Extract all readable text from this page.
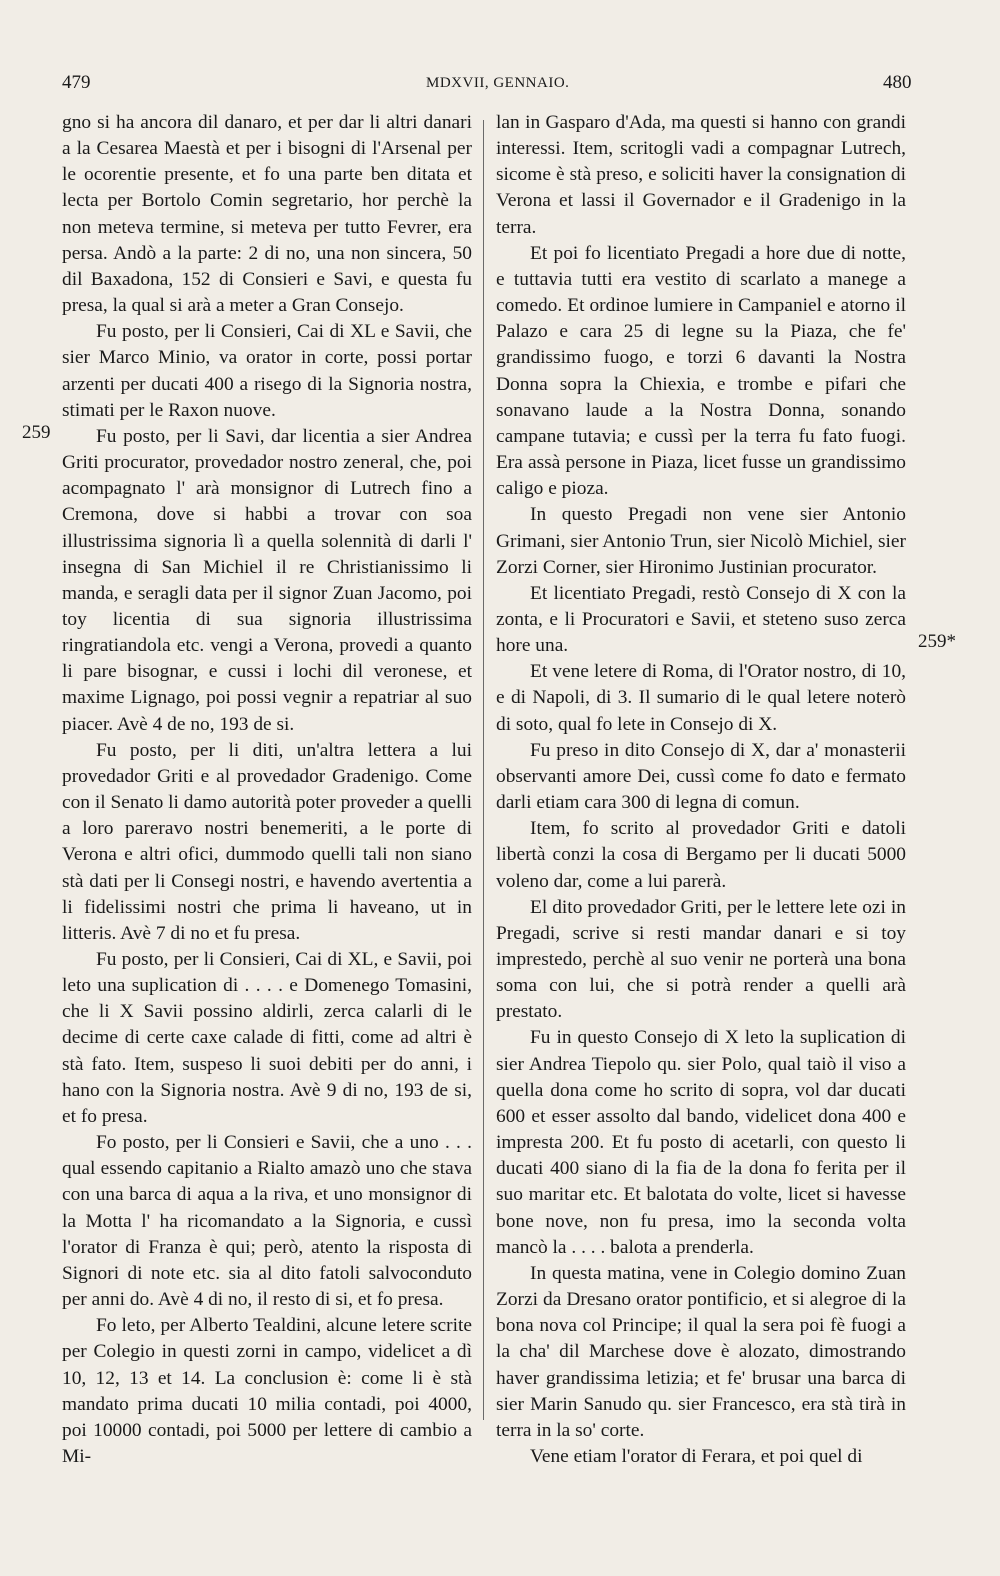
479	MDXVII, GENNAIO.	480
259
259*

gno si ha ancora dil danaro, et per dar li altri danari a la Cesarea Maestà et per i bisogni di l'Arsenal per le ocorentie presente, et fo una parte ben ditata et lecta per Bortolo Comin segretario, hor perchè la non meteva termine, si meteva per tutto Fevrer, era persa. Andò a la parte: 2 di no, una non sincera, 50 dil Baxadona, 152 di Consieri e Savi, e questa fu presa, la qual si arà a meter a Gran Consejo.

Fu posto, per li Consieri, Cai di XL e Savii, che sier Marco Minio, va orator in corte, possi portar arzenti per ducati 400 a risego di la Signoria nostra, stimati per le Raxon nuove.

Fu posto, per li Savi, dar licentia a sier Andrea Griti procurator, provedador nostro zeneral, che, poi acompagnato l' arà monsignor di Lutrech fino a Cremona, dove si habbi a trovar con soa illustrissima signoria lì a quella solennità di darli l' insegna di San Michiel il re Christianissimo li manda, e seragli data per il signor Zuan Jacomo, poi toy licentia di sua signoria illustrissima ringratiandola etc. vengi a Verona, provedi a quanto li pare bisognar, e cussi i lochi dil veronese, et maxime Lignago, poi possi vegnir a repatriar al suo piacer. Avè 4 de no, 193 de si.

Fu posto, per li diti, un'altra lettera a lui provedador Griti e al provedador Gradenigo. Come con il Senato li damo autorità poter proveder a quelli a loro pareravo nostri benemeriti, a le porte di Verona e altri ofici, dummodo quelli tali non siano stà dati per li Consegi nostri, e havendo avertentia a li fidelissimi nostri che prima li haveano, ut in litteris. Avè 7 di no et fu presa.

Fu posto, per li Consieri, Cai di XL, e Savii, poi leto una suplication di . . . . e Domenego Tomasini, che li X Savii possino aldirli, zerca calarli di le decime di certe caxe calade di fitti, come ad altri è stà fato. Item, suspeso li suoi debiti per do anni, i hano con la Signoria nostra. Avè 9 di no, 193 de si, et fo presa.

Fo posto, per li Consieri e Savii, che a uno . . . qual essendo capitanio a Rialto amazò uno che stava con una barca di aqua a la riva, et uno monsignor di la Motta l' ha ricomandato a la Signoria, e cussì l'orator di Franza è qui; però, atento la risposta di Signori di note etc. sia al dito fatoli salvoconduto per anni do. Avè 4 di no, il resto di si, et fo presa.

Fo leto, per Alberto Tealdini, alcune letere scrite per Colegio in questi zorni in campo, videlicet a dì 10, 12, 13 et 14. La conclusion è: come li è stà mandato prima ducati 10 milia contadi, poi 4000, poi 10000 contadi, poi 5000 per lettere di cambio a Mi-

lan in Gasparo d'Ada, ma questi si hanno con grandi interessi. Item, scritogli vadi a compagnar Lutrech, sicome è stà preso, e soliciti haver la consignation di Verona et lassi il Governador e il Gradenigo in la terra.

Et poi fo licentiato Pregadi a hore due di notte, e tuttavia tutti era vestito di scarlato a manege a comedo. Et ordinoe lumiere in Campaniel e atorno il Palazo e cara 25 di legne su la Piaza, che fe' grandissimo fuogo, e torzi 6 davanti la Nostra Donna sopra la Chiexia, e trombe e pifari che sonavano laude a la Nostra Donna, sonando campane tutavia; e cussì per la terra fu fato fuogi. Era assà persone in Piaza, licet fusse un grandissimo caligo e pioza.

In questo Pregadi non vene sier Antonio Grimani, sier Antonio Trun, sier Nicolò Michiel, sier Zorzi Corner, sier Hironimo Justinian procurator.

Et licentiato Pregadi, restò Consejo di X con la zonta, e li Procuratori e Savii, et steteno suso zerca hore una.

Et vene letere di Roma, di l'Orator nostro, di 10, e di Napoli, di 3. Il sumario di le qual letere noterò di soto, qual fo lete in Consejo di X.

Fu preso in dito Consejo di X, dar a' monasterii observanti amore Dei, cussì come fo dato e fermato darli etiam cara 300 di legna di comun.

Item, fo scrito al provedador Griti e datoli libertà conzi la cosa di Bergamo per li ducati 5000 voleno dar, come a lui parerà.

El dito provedador Griti, per le lettere lete ozi in Pregadi, scrive si resti mandar danari e si toy imprestedo, perchè al suo venir ne porterà una bona soma con lui, che si potrà render a quelli arà prestato.

Fu in questo Consejo di X leto la suplication di sier Andrea Tiepolo qu. sier Polo, qual taiò il viso a quella dona come ho scrito di sopra, vol dar ducati 600 et esser assolto dal bando, videlicet dona 400 e impresta 200. Et fu posto di acetarli, con questo li ducati 400 siano di la fia de la dona fo ferita per il suo maritar etc. Et balotata do volte, licet si havesse bone nove, non fu presa, imo la seconda volta mancò la . . . . balota a prenderla.

In questa matina, vene in Colegio domino Zuan Zorzi da Dresano orator pontificio, et si alegroe di la bona nova col Principe; il qual la sera poi fè fuogi a la cha' dil Marchese dove è alozato, dimostrando haver grandissima letizia; et fe' brusar una barca di sier Marin Sanudo qu. sier Francesco, era stà tirà in terra in la so' corte.

Vene etiam l'orator di Ferara, et poi quel di
